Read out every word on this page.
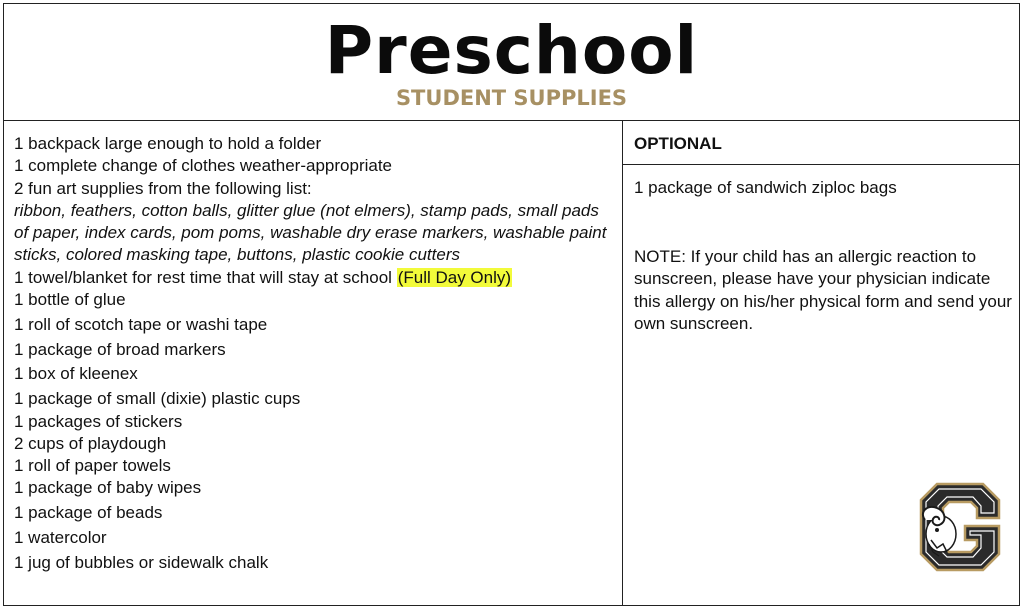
Preschool
STUDENT SUPPLIES
1 backpack large enough to hold a folder
1 complete change of clothes weather-appropriate
2 fun art supplies from the following list:
ribbon, feathers, cotton balls, glitter glue (not elmers), stamp pads, small pads of paper, index cards, pom poms, washable dry erase markers, washable paint sticks, colored masking tape, buttons, plastic cookie cutters
1 towel/blanket for rest time that will stay at school (Full Day Only)
1 bottle of glue
1 roll of scotch tape or washi tape
1 package of broad markers
1 box of kleenex
1 package of small (dixie) plastic cups
1 packages of stickers
2 cups of playdough
1 roll of paper towels
1 package of baby wipes
1 package of beads
1 watercolor
1 jug of bubbles or sidewalk chalk
OPTIONAL
1 package of sandwich ziploc bags
NOTE: If your child has an allergic reaction to sunscreen, please have your physician indicate this allergy on his/her physical form and send your own sunscreen.
